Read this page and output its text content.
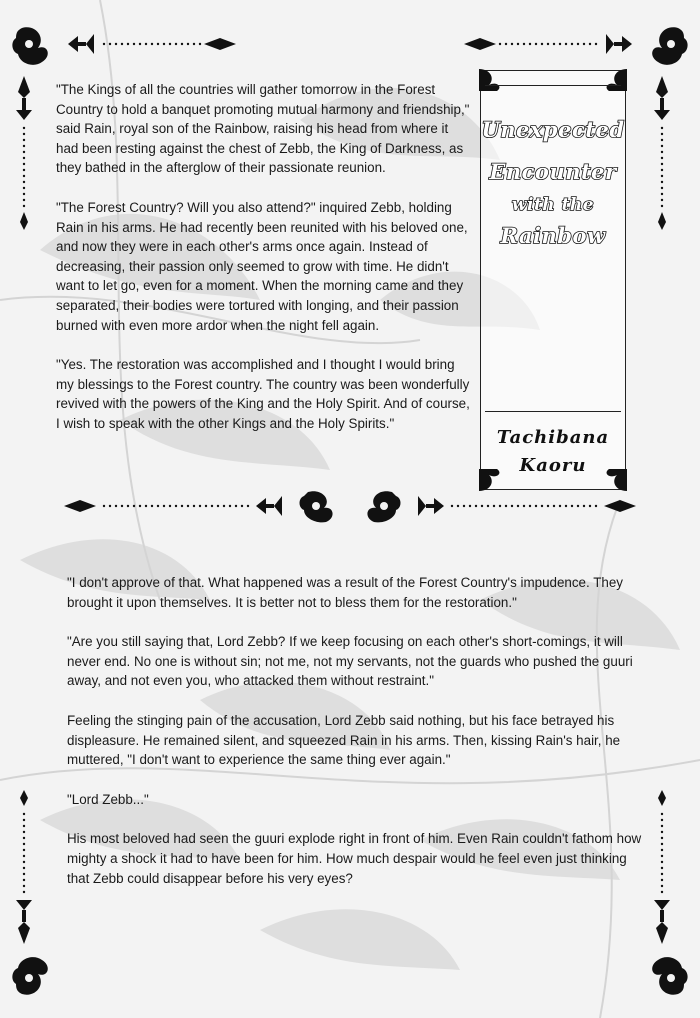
"The Kings of all the countries will gather tomorrow in the Forest Country to hold a banquet promoting mutual harmony and friendship," said Rain, royal son of the Rainbow, raising his head from where it had been resting against the chest of Zebb, the King of Darkness, as they bathed in the afterglow of their passionate reunion.

"The Forest Country? Will you also attend?" inquired Zebb, holding Rain in his arms. He had recently been reunited with his beloved one, and now they were in each other's arms once again. Instead of decreasing, their passion only seemed to grow with time. He didn't want to let go, even for a moment. When the morning came and they separated, their bodies were tortured with longing, and their passion burned with even more ardor when the night fell again.

"Yes. The restoration was accomplished and I thought I would bring my blessings to the Forest country. The country was been wonderfully revived with the powers of the King and the Holy Spirit. And of course, I wish to speak with the other Kings and the Holy Spirits."

Unexpected
Encounter
with the
Rainbow
Tachibana
Kaoru

"I don't approve of that. What happened was a result of the Forest Country's impudence. They brought it upon themselves. It is better not to bless them for the restoration."

"Are you still saying that, Lord Zebb? If we keep focusing on each other's short-comings, it will never end. No one is without sin; not me, not my servants, not the guards who pushed the guuri away, and not even you, who attacked them without restraint."

Feeling the stinging pain of the accusation, Lord Zebb said nothing, but his face betrayed his displeasure. He remained silent, and squeezed Rain in his arms. Then, kissing Rain's hair, he muttered, "I don't want to experience the same thing ever again."

"Lord Zebb..."

His most beloved had seen the guuri explode right in front of him. Even Rain couldn't fathom how mighty a shock it had to have been for him. How much despair would he feel even just thinking that Zebb could disappear before his very eyes?
